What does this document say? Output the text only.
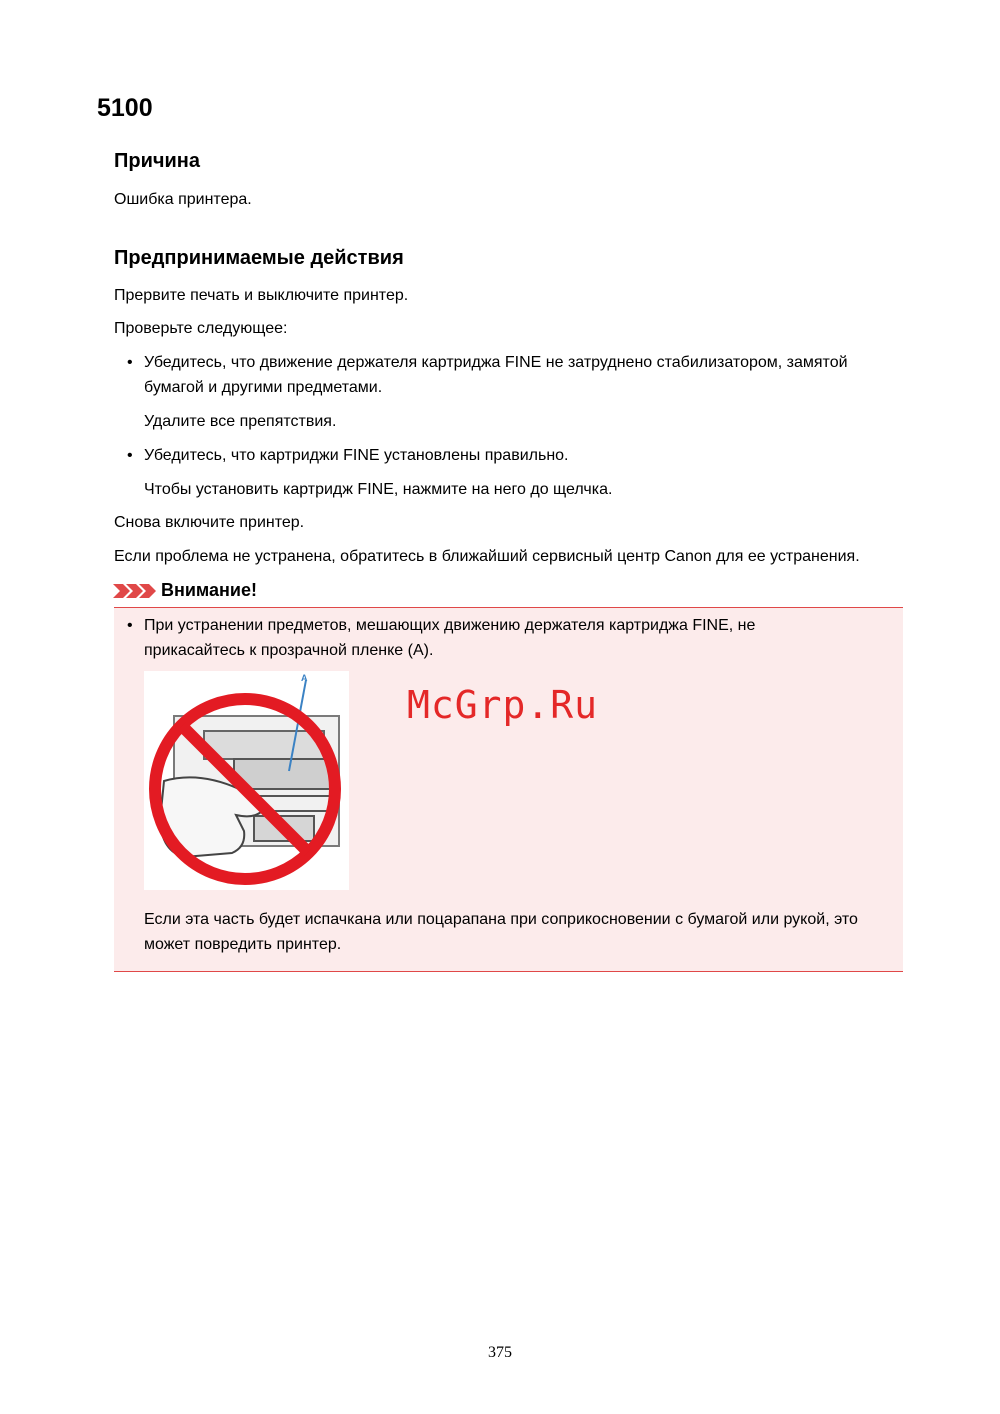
5100
Причина

Ошибка принтера.

Предпринимаемые действия

Прервите печать и выключите принтер.

Проверьте следующее:

• Убедитесь, что движение держателя картриджа FINE не затруднено стабилизатором, замятой

бумагой и другими предметами.

Удалите все препятствия.

• Убедитесь, что картриджи FINE установлены правильно.

Чтобы установить картридж FINE, нажмите на него до щелчка.

Снова включите принтер.

Если проблема не устранена, обратитесь в ближайший сервисный центр Canon для ее устранения.

Внимание!
• При устранении предметов, мешающих движению держателя картриджа FINE, не

прикасайтесь к прозрачной пленке (A).

A
McGrp.Ru

Если эта часть будет испачкана или поцарапана при соприкосновении с бумагой или рукой, это

может повредить принтер.

375
